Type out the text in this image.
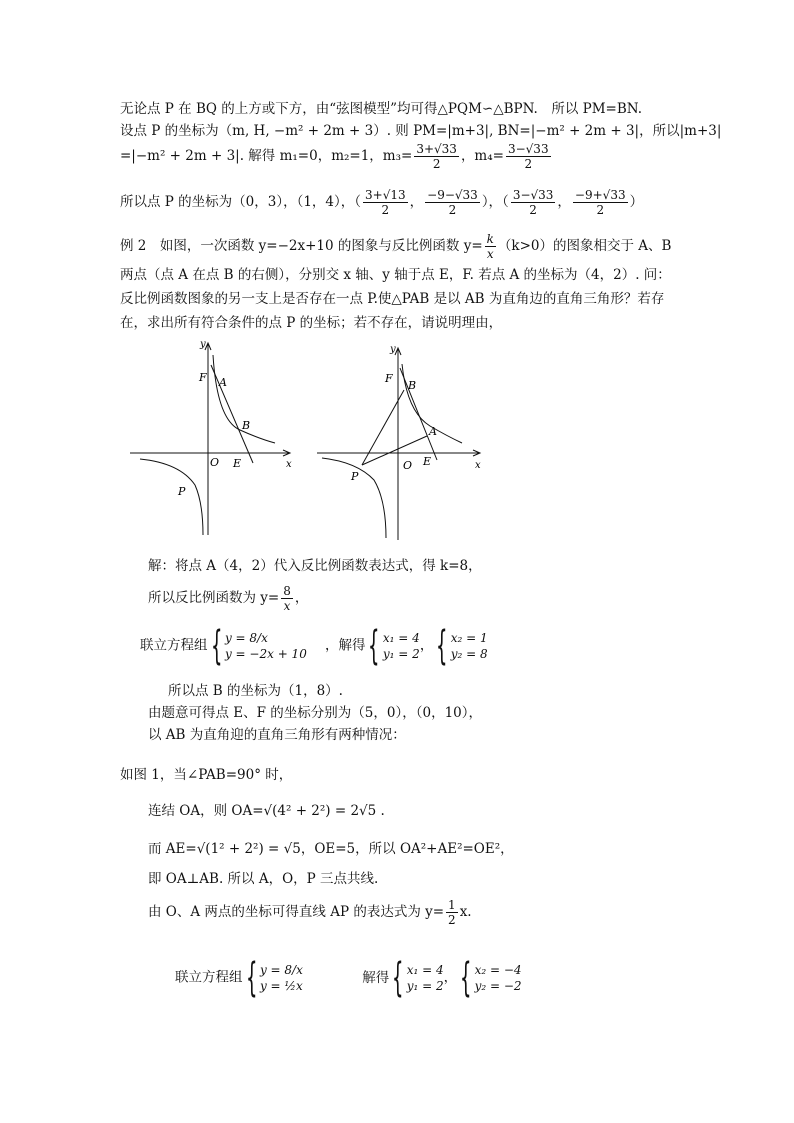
无论点 P 在 BQ 的上方或下方，由“弦图模型”均可得△PQM∽△BPN.　所以 PM=BN.
设点 P 的坐标为（m, H, −m² + 2m + 3）. 则 PM=|m+3|, BN=|−m² + 2m + 3|，所以|m+3|
=|−m² + 2m + 3|. 解得 m₁=0，m₂=1，$m_3= \frac{3+√33}{2}$ ，$m_4= \frac{3-√33}{2}$
所以点 P 的坐标为（0，3），（1，4），（ $\frac{3+√13}{2}$ ， $\frac{-9-√33}{2}$ ），（ $\frac{3-√33}{2}$ ， $\frac{-9+√33}{2}$ ）
例 2　如图，一次函数 y=−2x+10 的图象与反比例函数 $y= \frac{k}{x} (k>0)$的图象相交于 A、B
两点（点 A 在点 B 的右侧），分别交 x 轴、y 轴于点 E，F. 若点 A 的坐标为（4，2）. 问：
反比例函数图象的另一支上是否存在一点 P.使△PAB 是以 AB 为直角边的直角三角形？若存
在，求出所有符合条件的点 P 的坐标；若不存在，请说明理由，
y
x
F A
B
O E
P
y
x
F
B
A
O E
P
解：将点 A（4，2）代入反比例函数表达式，得 k=8，
所以反比例函数为 $y= \frac{8}{x}$ ，
联立方程组{ y = 8/x
y = −2x + 10
，解得{ x₁ = 4
y₁ = 2
，{ x₂ = 1
y₂ = 8
所以点 B 的坐标为（1，8）.
由题意可得点 E、F 的坐标分别为（5，0），（0，10），
以 AB 为直角迎的直角三角形有两种情况：
如图 1，当∠PAB=90° 时，
连结 OA，则 OA=√(4² + 2²) = 2√5 .
而 AE=√(1² + 2²) = √5，OE=5，所以 OA²+AE²=OE²，
即 OA⊥AB. 所以 A，O，P 三点共线.
由 O、A 两点的坐标可得直线 AP 的表达式为 $y= \frac{1}{2} x$.
联立方程组{ y = 8/x
y = ½x
解得{ x₁ = 4
y₁ = 2
，{ x₂ = −4
y₂ = −2
